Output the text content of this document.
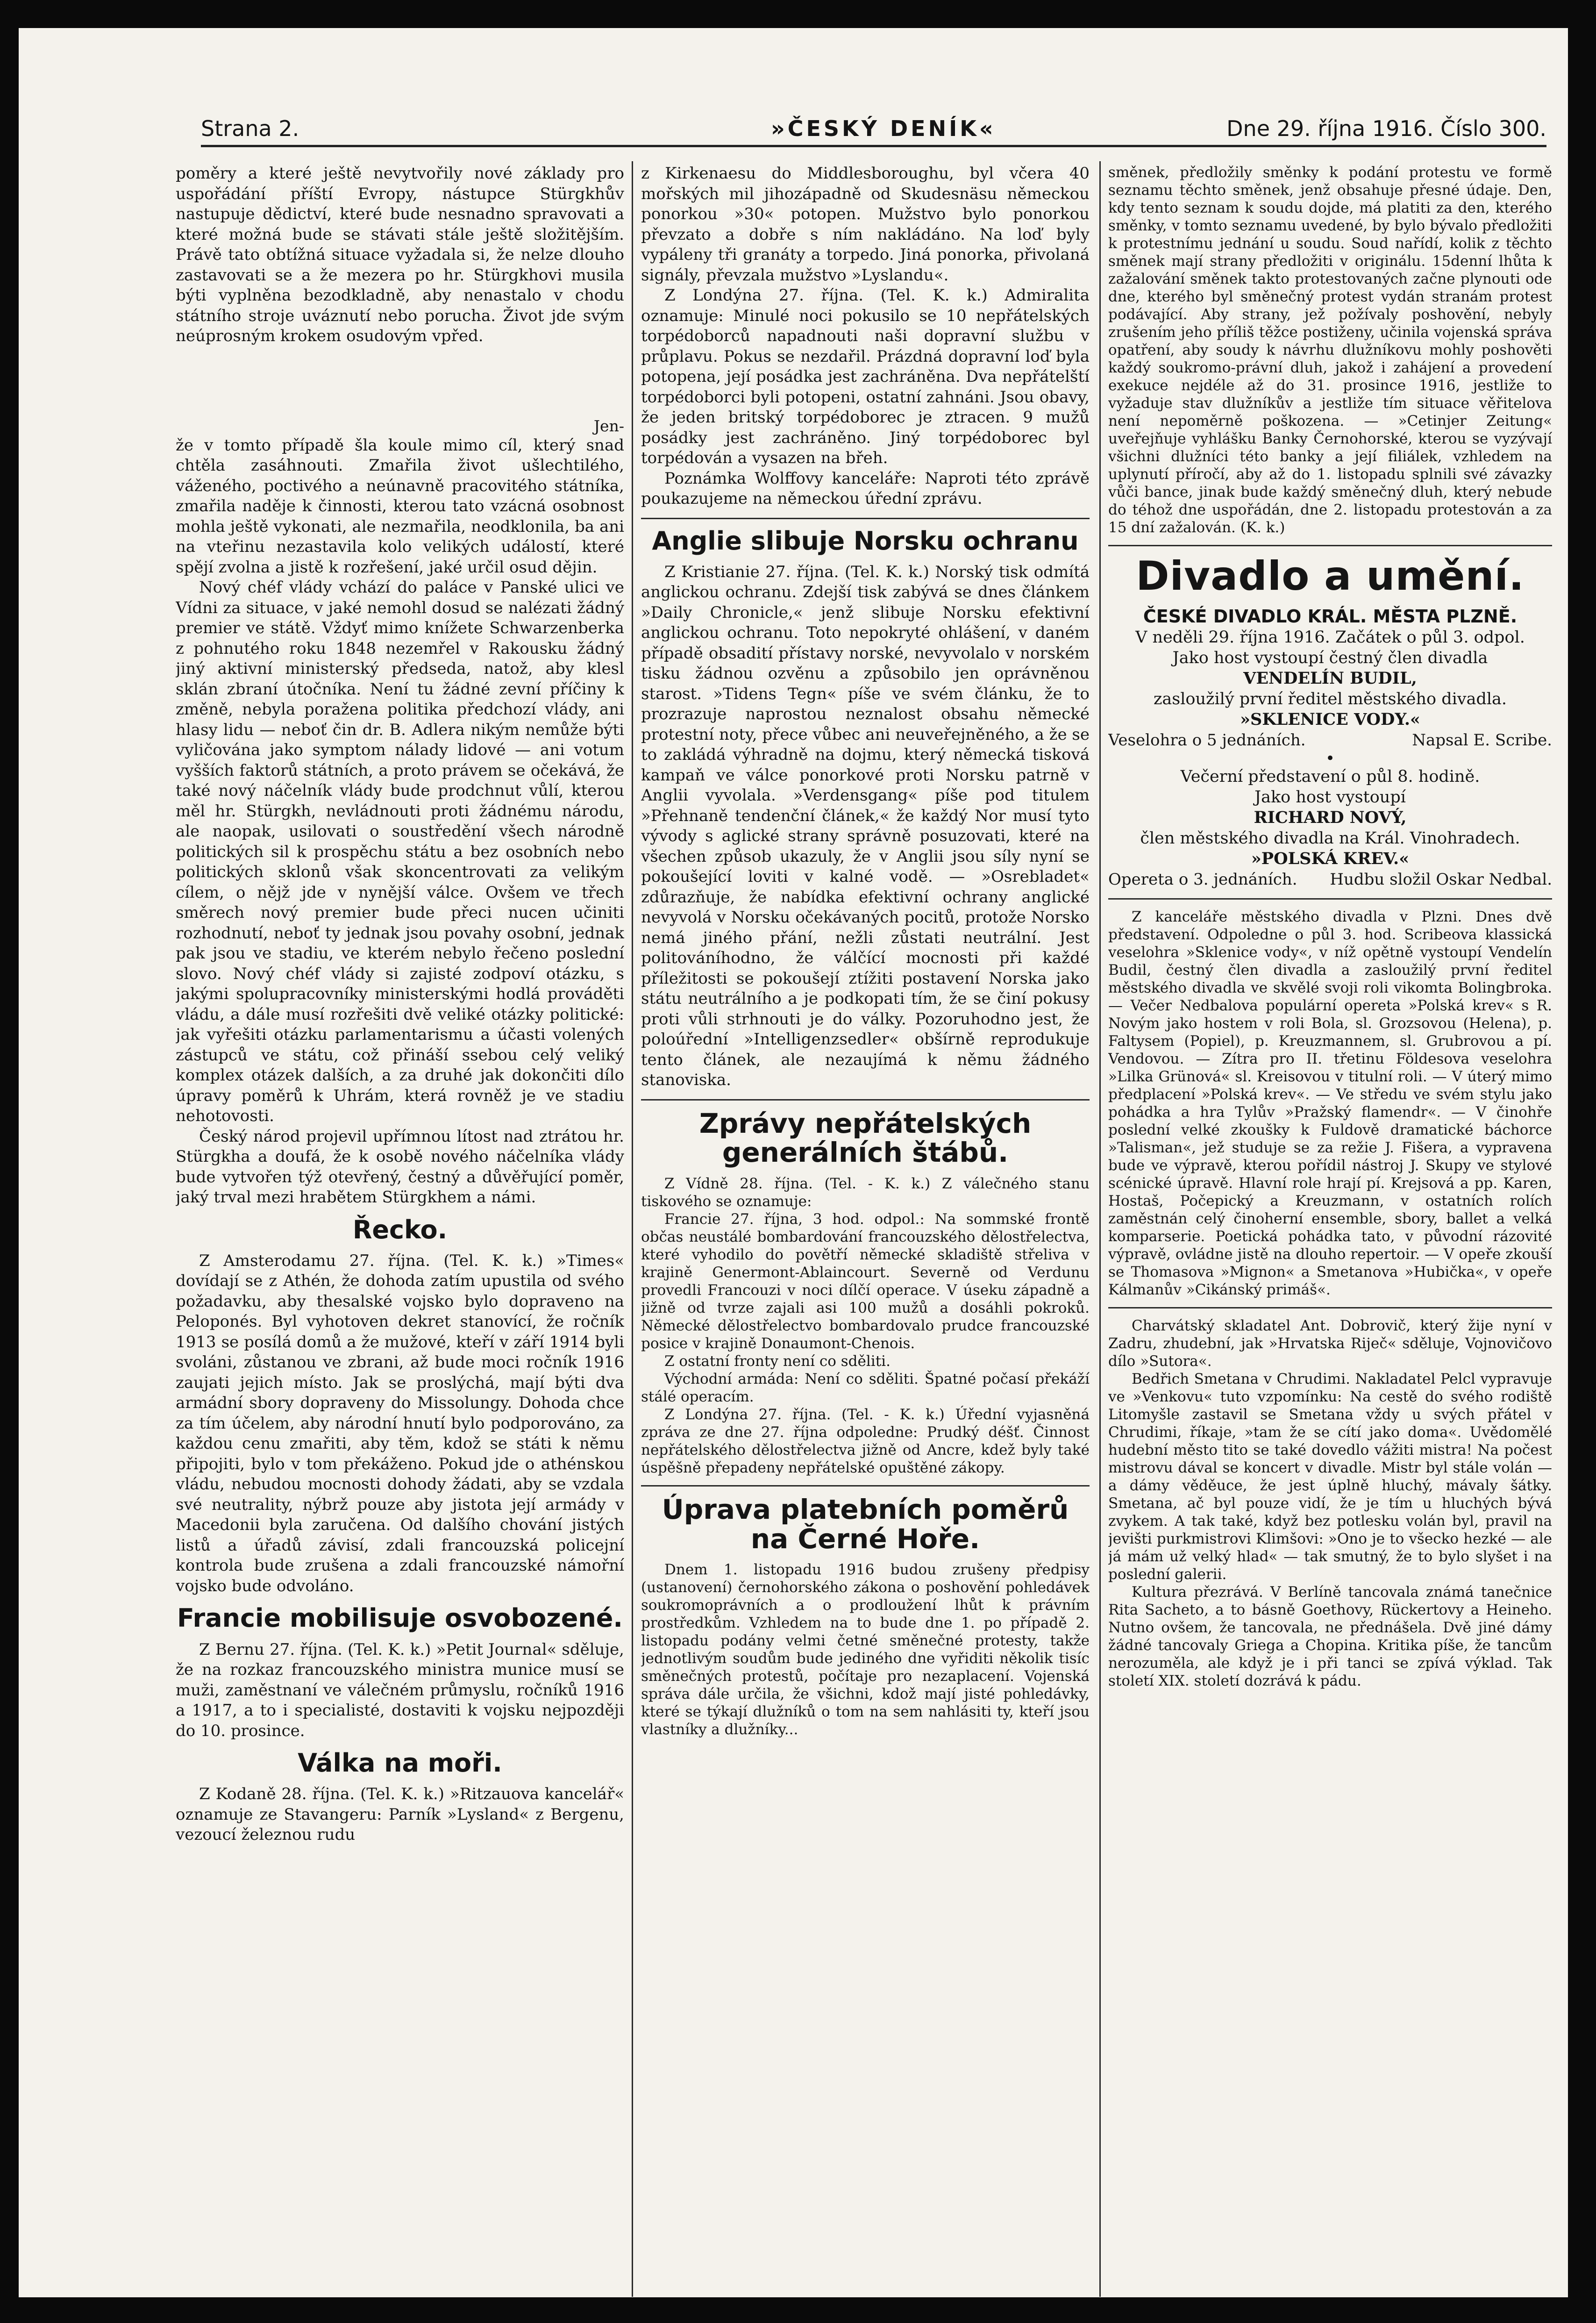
Strana 2.	»ČESKÝ DENÍK«	Dne 29. října 1916. Číslo 300.

poměry a které ještě nevytvořily nové základy pro uspořádání příští Evropy, nástupce Stürgkhův nastupuje dědictví, které bude nesnadno spravovati a které možná bude se stávati stále ještě složitějším. Právě tato obtížná situace vyžadala si, že nelze dlouho zastavovati se a že mezera po hr. Stürgkhovi musila býti vyplněna bezodkladně, aby nenastalo v chodu státního stroje uváznutí nebo porucha. Život jde svým neúprosným krokem osudovým vpřed.

Jen-

že v tomto případě šla koule mimo cíl, který snad chtěla zasáhnouti. Zmařila život ušlechtilého, váženého, poctivého a neúnavně pracovitého státníka, zmařila naděje k činnosti, kterou tato vzácná osobnost mohla ještě vykonati, ale nezmařila, neodklonila, ba ani na vteřinu nezastavila kolo velikých událostí, které spějí zvolna a jistě k rozřešení, jaké určil osud dějin.

Nový chéf vlády vchází do paláce v Panské ulici ve Vídni za situace, v jaké nemohl dosud se nalézati žádný premier ve státě. Vždyť mimo knížete Schwarzenberka z pohnutého roku 1848 nezemřel v Rakousku žádný jiný aktivní ministerský předseda, natož, aby klesl sklán zbraní útočníka. Není tu žádné zevní příčiny k změně, nebyla poražena politika předchozí vlády, ani hlasy lidu — neboť čin dr. B. Adlera nikým nemůže býti vyličována jako symptom nálady lidové — ani votum vyšších faktorů státních, a proto právem se očekává, že také nový náčelník vlády bude prodchnut vůlí, kterou měl hr. Stürgkh, nevládnouti proti žádnému národu, ale naopak, usilovati o soustředění všech národně politických sil k prospěchu státu a bez osobních nebo politických sklonů však skoncentrovati za velikým cílem, o nějž jde v nynější válce. Ovšem ve třech směrech nový premier bude přeci nucen učiniti rozhodnutí, neboť ty jednak jsou povahy osobní, jednak pak jsou ve stadiu, ve kterém nebylo řečeno poslední slovo. Nový chéf vlády si zajisté zodpoví otázku, s jakými spolupracovníky ministerskými hodlá prováděti vládu, a dále musí rozřešiti dvě veliké otázky politické: jak vyřešiti otázku parlamentarismu a účasti volených zástupců ve státu, což přináší ssebou celý veliký komplex otázek dalších, a za druhé jak dokončiti dílo úpravy poměrů k Uhrám, která rovněž je ve stadiu nehotovosti.

Český národ projevil upřímnou lítost nad ztrátou hr. Stürgkha a doufá, že k osobě nového náčelníka vlády bude vytvořen týž otevřený, čestný a důvěřující poměr, jaký trval mezi hrabětem Stürgkhem a námi.

Řecko.

Z Amsterodamu 27. října. (Tel. K. k.) »Times« dovídají se z Athén, že dohoda zatím upustila od svého požadavku, aby thesalské vojsko bylo dopraveno na Peloponés. Byl vyhotoven dekret stanovící, že ročník 1913 se posílá domů a že mužové, kteří v září 1914 byli svoláni, zůstanou ve zbrani, až bude moci ročník 1916 zaujati jejich místo. Jak se proslýchá, mají býti dva armádní sbory dopraveny do Missolungy. Dohoda chce za tím účelem, aby národní hnutí bylo podporováno, za každou cenu zmařiti, aby těm, kdož se státi k němu připojiti, bylo v tom překáženo. Pokud jde o athénskou vládu, nebudou mocnosti dohody žádati, aby se vzdala své neutrality, nýbrž pouze aby jistota její armády v Macedonii byla zaručena. Od dalšího chování jistých listů a úřadů závisí, zdali francouzská policejní kontrola bude zrušena a zdali francouzské námořní vojsko bude odvoláno.

Francie mobilisuje osvobozené.

Z Bernu 27. října. (Tel. K. k.) »Petit Journal« sděluje, že na rozkaz francouzského ministra munice musí se muži, zaměstnaní ve válečném průmyslu, ročníků 1916 a 1917, a to i specialisté, dostaviti k vojsku nejpozději do 10. prosince.

Válka na moři.

Z Kodaně 28. října. (Tel. K. k.) »Ritzauova kancelář« oznamuje ze Stavangeru: Parník »Lysland« z Bergenu, vezoucí železnou rudu

z Kirkenaesu do Middlesboroughu, byl včera 40 mořských mil jihozápadně od Skudesnäsu německou ponorkou »30« potopen. Mužstvo bylo ponorkou převzato a dobře s ním nakládáno. Na loď byly vypáleny tři granáty a torpedo. Jiná ponorka, přivolaná signály, převzala mužstvo »Lyslandu«.

Z Londýna 27. října. (Tel. K. k.) Admiralita oznamuje: Minulé noci pokusilo se 10 nepřátelských torpédoborců napadnouti naši dopravní službu v průplavu. Pokus se nezdařil. Prázdná dopravní loď byla potopena, její posádka jest zachráněna. Dva nepřátelští torpédoborci byli potopeni, ostatní zahnáni. Jsou obavy, že jeden britský torpédoborec je ztracen. 9 mužů posádky jest zachráněno. Jiný torpédoborec byl torpédován a vysazen na břeh.

Poznámka Wolffovy kanceláře: Naproti této zprávě poukazujeme na německou úřední zprávu.

Anglie slibuje Norsku ochranu

Z Kristianie 27. října. (Tel. K. k.) Norský tisk odmítá anglickou ochranu. Zdejší tisk zabývá se dnes článkem »Daily Chronicle,« jenž slibuje Norsku efektivní anglickou ochranu. Toto nepokryté ohlášení, v daném případě obsadití přístavy norské, nevyvolalo v norském tisku žádnou ozvěnu a způsobilo jen oprávněnou starost. »Tidens Tegn« píše ve svém článku, že to prozrazuje naprostou neznalost obsahu německé protestní noty, přece vůbec ani neuveřejněného, a že se to zakládá výhradně na dojmu, který německá tisková kampaň ve válce ponorkové proti Norsku patrně v Anglii vyvolala. »Verdensgang« píše pod titulem »Přehnaně tendenční článek,« že každý Nor musí tyto vývody s aglické strany správně posuzovati, které na všechen způsob ukazuly, že v Anglii jsou síly nyní se pokoušející loviti v kalné vodě. — »Osrebladet« zdůrazňuje, že nabídka efektivní ochrany anglické nevyvolá v Norsku očekávaných pocitů, protože Norsko nemá jiného přání, nežli zůstati neutrální. Jest politováníhodno, že válčící mocnosti při každé příležitosti se pokoušejí ztížiti postavení Norska jako státu neutrálního a je podkopati tím, že se činí pokusy proti vůli strhnouti je do války. Pozoruhodno jest, že poloúřední »Intelligenzsedler« obšírně reprodukuje tento článek, ale nezaujímá k němu žádného stanoviska.

Zprávy nepřátelských generálních štábů.

Z Vídně 28. října. (Tel. - K. k.) Z válečného stanu tiskového se oznamuje:

Francie 27. října, 3 hod. odpol.: Na sommské frontě občas neustálé bombardování francouzského dělostřelectva, které vyhodilo do povětří německé skladiště střeliva v krajině Genermont-Ablaincourt. Severně od Verdunu provedli Francouzi v noci dílčí operace. V úseku západně a jižně od tvrze zajali asi 100 mužů a dosáhli pokroků. Německé dělostřelectvo bombardovalo prudce francouzské posice v krajině Donaumont-Chenois.

Z ostatní fronty není co sděliti.

Východní armáda: Není co sděliti. Špatné počasí překáží stálé operacím.

Z Londýna 27. října. (Tel. - K. k.) Úřední vyjasněná zpráva ze dne 27. října odpoledne: Prudký déšť. Činnost nepřátelského dělostřelectva jižně od Ancre, kdež byly také úspěšně přepadeny nepřátelské opuštěné zákopy.

Úprava platebních poměrů na Černé Hoře.

Dnem 1. listopadu 1916 budou zrušeny předpisy (ustanovení) černohorského zákona o poshovění pohledávek soukromoprávních a o prodloužení lhůt k právním prostředkům. Vzhledem na to bude dne 1. po případě 2. listopadu podány velmi četné směnečné protesty, takže jednotlivým soudům bude jediného dne vyřiditi několik tisíc směnečných protestů, počítaje pro nezaplacení. Vojenská správa dále určila, že všichni, kdož mají jisté pohledávky, které se týkají dlužníků o tom na sem nahlásiti ty, kteří jsou vlastníky a dlužníky...

směnek, předložily směnky k podání protestu ve formě seznamu těchto směnek, jenž obsahuje přesné údaje. Den, kdy tento seznam k soudu dojde, má platiti za den, kterého směnky, v tomto seznamu uvedené, by bylo bývalo předložiti k protestnímu jednání u soudu. Soud nařídí, kolik z těchto směnek mají strany předložiti v originálu. 15denní lhůta k zažalování směnek takto protestovaných začne plynouti ode dne, kterého byl směnečný protest vydán stranám protest podávající. Aby strany, jež požívaly poshovění, nebyly zrušením jeho příliš těžce postiženy, učinila vojenská správa opatření, aby soudy k návrhu dlužníkovu mohly poshověti každý soukromo-právní dluh, jakož i zahájení a provedení exekuce nejdéle až do 31. prosince 1916, jestliže to vyžaduje stav dlužníkův a jestliže tím situace věřitelova není nepoměrně poškozena. — »Cetinjer Zeitung« uveřejňuje vyhlášku Banky Černohorské, kterou se vyzývají všichni dlužníci této banky a její filiálek, vzhledem na uplynutí příročí, aby až do 1. listopadu splnili své závazky vůči bance, jinak bude každý směnečný dluh, který nebude do téhož dne uspořádán, dne 2. listopadu protestován a za 15 dní zažalován. (K. k.)

Divadlo a umění.

ČESKÉ DIVADLO KRÁL. MĚSTA PLZNĚ.

V neděli 29. října 1916. Začátek o půl 3. odpol.

Jako host vystoupí čestný člen divadla

VENDELÍN BUDIL,

zasloužilý první ředitel městského divadla.

»SKLENICE VODY.«

Veselohra o 5 jednáních.	Napsal E. Scribe.

•

Večerní představení o půl 8. hodině.

Jako host vystoupí

RICHARD NOVÝ,

člen městského divadla na Král. Vinohradech.

»POLSKÁ KREV.«

Opereta o 3. jednáních. Hudbu složil Oskar Nedbal.

Z kanceláře městského divadla v Plzni. Dnes dvě představení. Odpoledne o půl 3. hod. Scribeova klassická veselohra »Sklenice vody«, v níž opětně vystoupí Vendelín Budil, čestný člen divadla a zasloužilý první ředitel městského divadla ve skvělé svoji roli vikomta Bolingbroka. — Večer Nedbalova populární opereta »Polská krev« s R. Novým jako hostem v roli Bola, sl. Grozsovou (Helena), p. Faltysem (Popiel), p. Kreuzmannem, sl. Grubrovou a pí. Vendovou. — Zítra pro II. třetinu Földesova veselohra »Lilka Grünová« sl. Kreisovou v titulní roli. — V úterý mimo předplacení »Polská krev«. — Ve středu ve svém stylu jako pohádka a hra Tylův »Pražský flamendr«. — V činohře poslední velké zkoušky k Fuldově dramatické báchorce »Talisman«, jež studuje se za režie J. Fišera, a vypravena bude ve výpravě, kterou pořídil nástroj J. Skupy ve stylové scénické úpravě. Hlavní role hrají pí. Krejsová a pp. Karen, Hostaš, Počepický a Kreuzmann, v ostatních rolích zaměstnán celý činoherní ensemble, sbory, ballet a velká komparserie. Poetická pohádka tato, v původní rázovité výpravě, ovládne jistě na dlouho repertoir. — V opeře zkouší se Thomasova »Mignon« a Smetanova »Hubička«, v opeře Kálmanův »Cikánský primáš«.

Charvátský skladatel Ant. Dobrovič, který žije nyní v Zadru, zhudební, jak »Hrvatska Riječ« sděluje, Vojnovičovo dílo »Sutora«.

Bedřich Smetana v Chrudimi. Nakladatel Pelcl vypravuje ve »Venkovu« tuto vzpomínku: Na cestě do svého rodiště Litomyšle zastavil se Smetana vždy u svých přátel v Chrudimi, říkaje, »tam že se cítí jako doma«. Uvědomělé hudební město tito se také dovedlo vážiti mistra! Na počest mistrovu dával se koncert v divadle. Mistr byl stále volán — a dámy věděuce, že jest úplně hluchý, mávaly šátky. Smetana, ač byl pouze vidí, že je tím u hluchých bývá zvykem. A tak také, když bez potlesku volán byl, pravil na jevišti purkmistrovi Klimšovi: »Ono je to všecko hezké — ale já mám už velký hlad« — tak smutný, že to bylo slyšet i na poslední galerii.

Kultura přezrává. V Berlíně tancovala známá tanečnice Rita Sacheto, a to básně Goethovy, Rückertovy a Heineho. Nutno ovšem, že tancovala, ne přednášela. Dvě jiné dámy žádné tancovaly Griega a Chopina. Kritika píše, že tancům nerozuměla, ale když je i při tanci se zpívá výklad. Tak století XIX. století dozrává k pádu.
